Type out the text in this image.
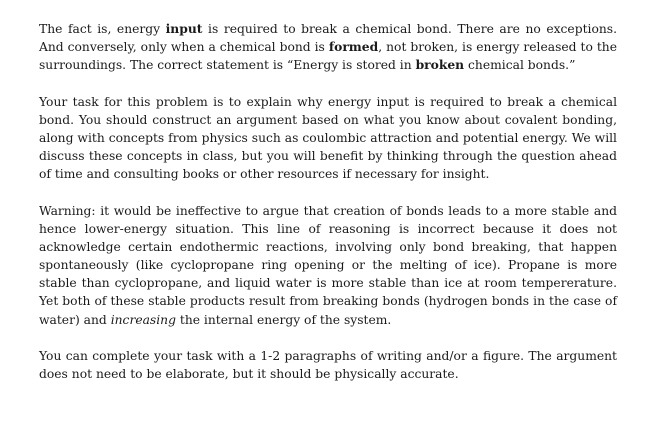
The fact is, energy input is required to break a chemical bond. There are no exceptions. And conversely, only when a chemical bond is formed, not broken, is energy released to the surroundings. The correct statement is “Energy is stored in broken chemical bonds.”

Your task for this problem is to explain why energy input is required to break a chemical bond. You should construct an argument based on what you know about covalent bonding, along with concepts from physics such as coulombic attraction and potential energy. We will discuss these concepts in class, but you will benefit by thinking through the question ahead of time and consulting books or other resources if necessary for insight.

Warning: it would be ineffective to argue that creation of bonds leads to a more stable and hence lower-energy situation. This line of reasoning is incorrect because it does not acknowledge certain endothermic reactions, involving only bond breaking, that happen spontaneously (like cyclopropane ring opening or the melting of ice). Propane is more stable than cyclopropane, and liquid water is more stable than ice at room tempererature. Yet both of these stable products result from breaking bonds (hydrogen bonds in the case of water) and increasing the internal energy of the system.

You can complete your task with a 1-2 paragraphs of writing and/or a figure. The argument does not need to be elaborate, but it should be physically accurate.
